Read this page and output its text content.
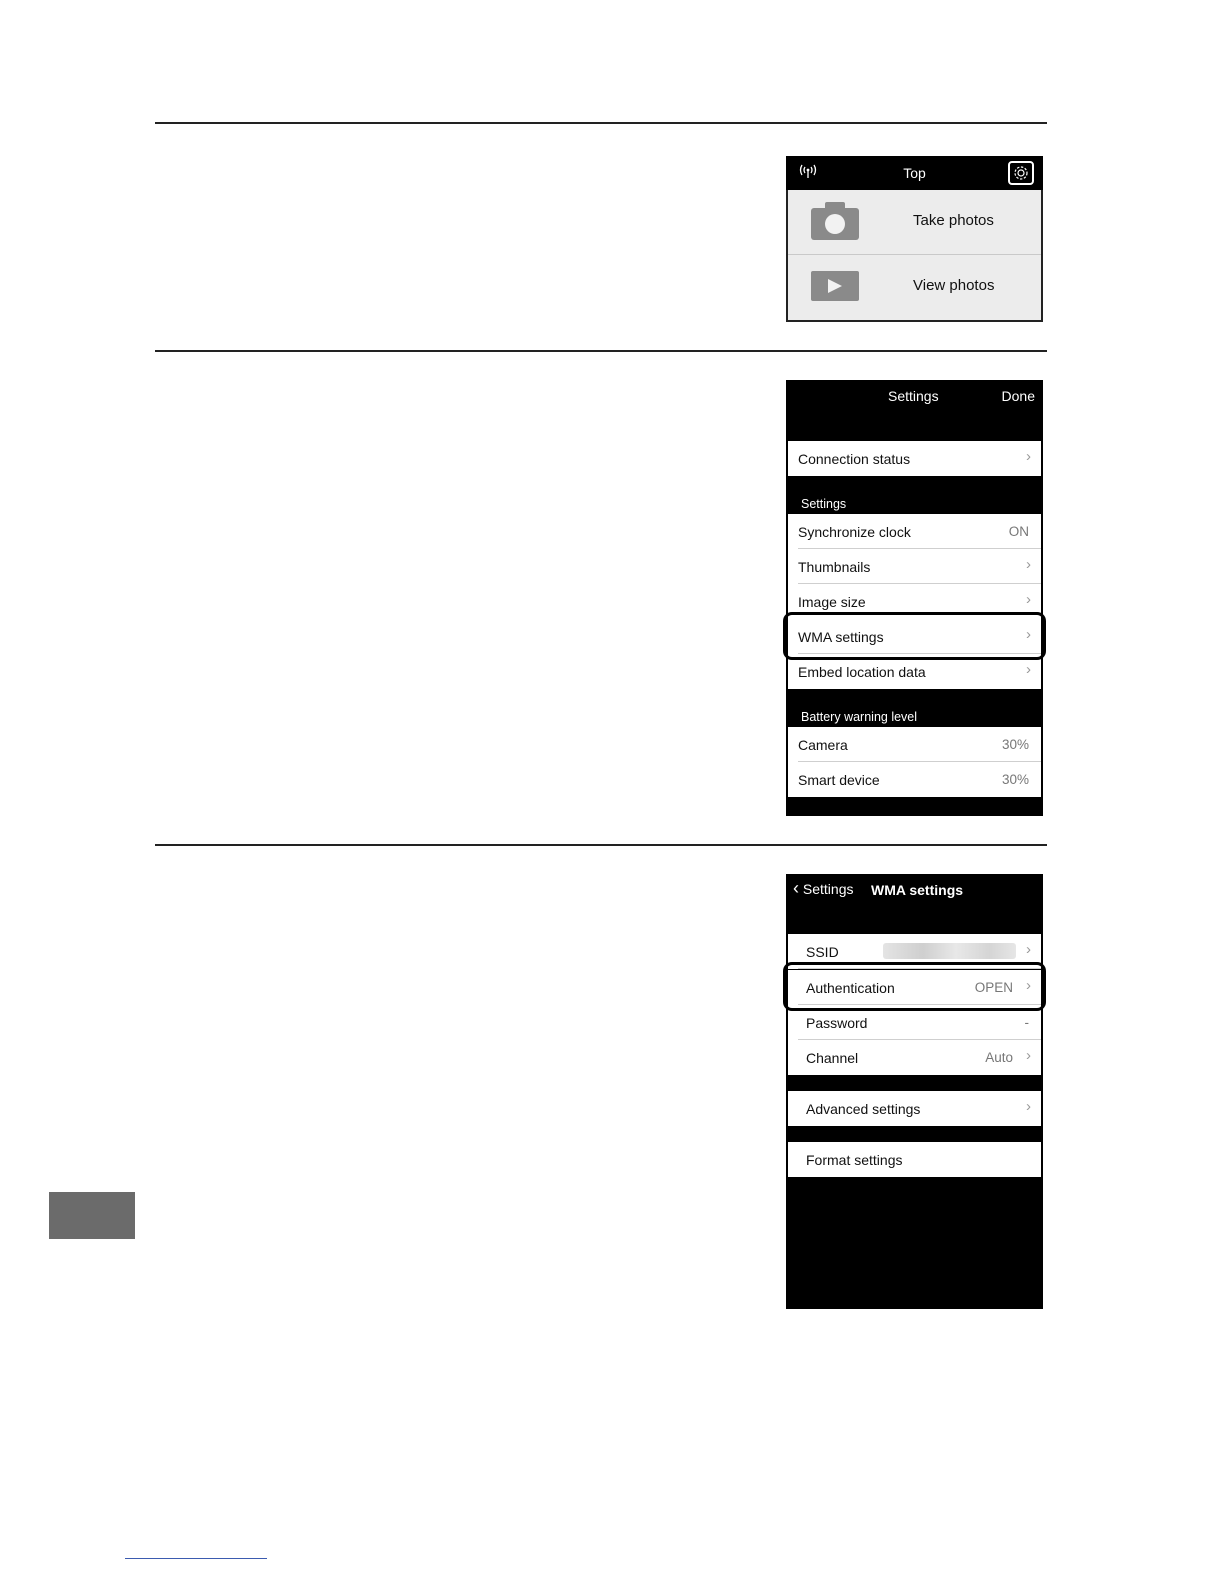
Top
Take photos
View photos
Settings	Done
Connection status	›
Settings
Synchronize clock	ON
Thumbnails	›
Image size	›
WMA settings	›
Embed location data	›
Battery warning level
Camera	30%
Smart device	30%
‹ Settings WMA settings
SSID	›
Authentication	OPEN ›
Password	-
Channel	Auto ›
Advanced settings	›
Format settings
